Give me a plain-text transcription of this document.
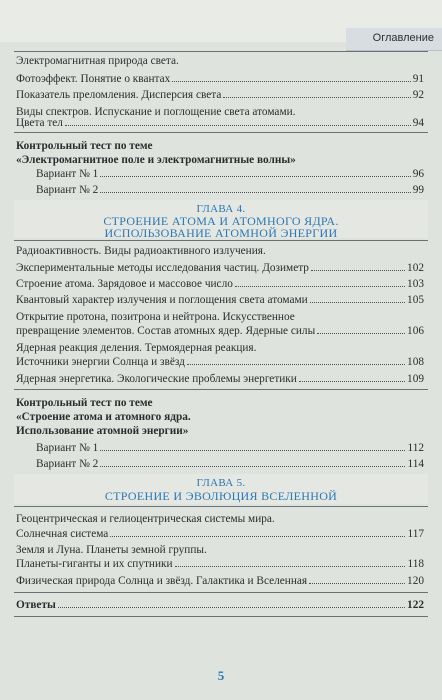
Оглавление
Электромагнитная природа света.
Фотоэффект. Понятие о квантах	91
Показатель преломления. Дисперсия света	92
Виды спектров. Испускание и поглощение света атомами.
Цвета тел	94
Контрольный тест по теме
«Электромагнитное поле и электромагнитные волны»
Вариант № 1	96
Вариант № 2	99
ГЛАВА 4.
СТРОЕНИЕ АТОМА И АТОМНОГО ЯДРА.
ИСПОЛЬЗОВАНИЕ АТОМНОЙ ЭНЕРГИИ
Радиоактивность. Виды радиоактивного излучения.
Экспериментальные методы исследования частиц. Дозиметр	102
Строение атома. Зарядовое и массовое число	103
Квантовый характер излучения и поглощения света атомами	105
Открытие протона, позитрона и нейтрона. Искусственное
превращение элементов. Состав атомных ядер. Ядерные силы	106
Ядерная реакция деления. Термоядерная реакция.
Источники энергии Солнца и звёзд	108
Ядерная энергетика. Экологические проблемы энергетики	109
Контрольный тест по теме
«Строение атома и атомного ядра.
Использование атомной энергии»
Вариант № 1	112
Вариант № 2	114
ГЛАВА 5.
СТРОЕНИЕ И ЭВОЛЮЦИЯ ВСЕЛЕННОЙ
Геоцентрическая и гелиоцентрическая системы мира.
Солнечная система	117
Земля и Луна. Планеты земной группы.
Планеты-гиганты и их спутники	118
Физическая природа Солнца и звёзд. Галактика и Вселенная	120
Ответы	122
5
